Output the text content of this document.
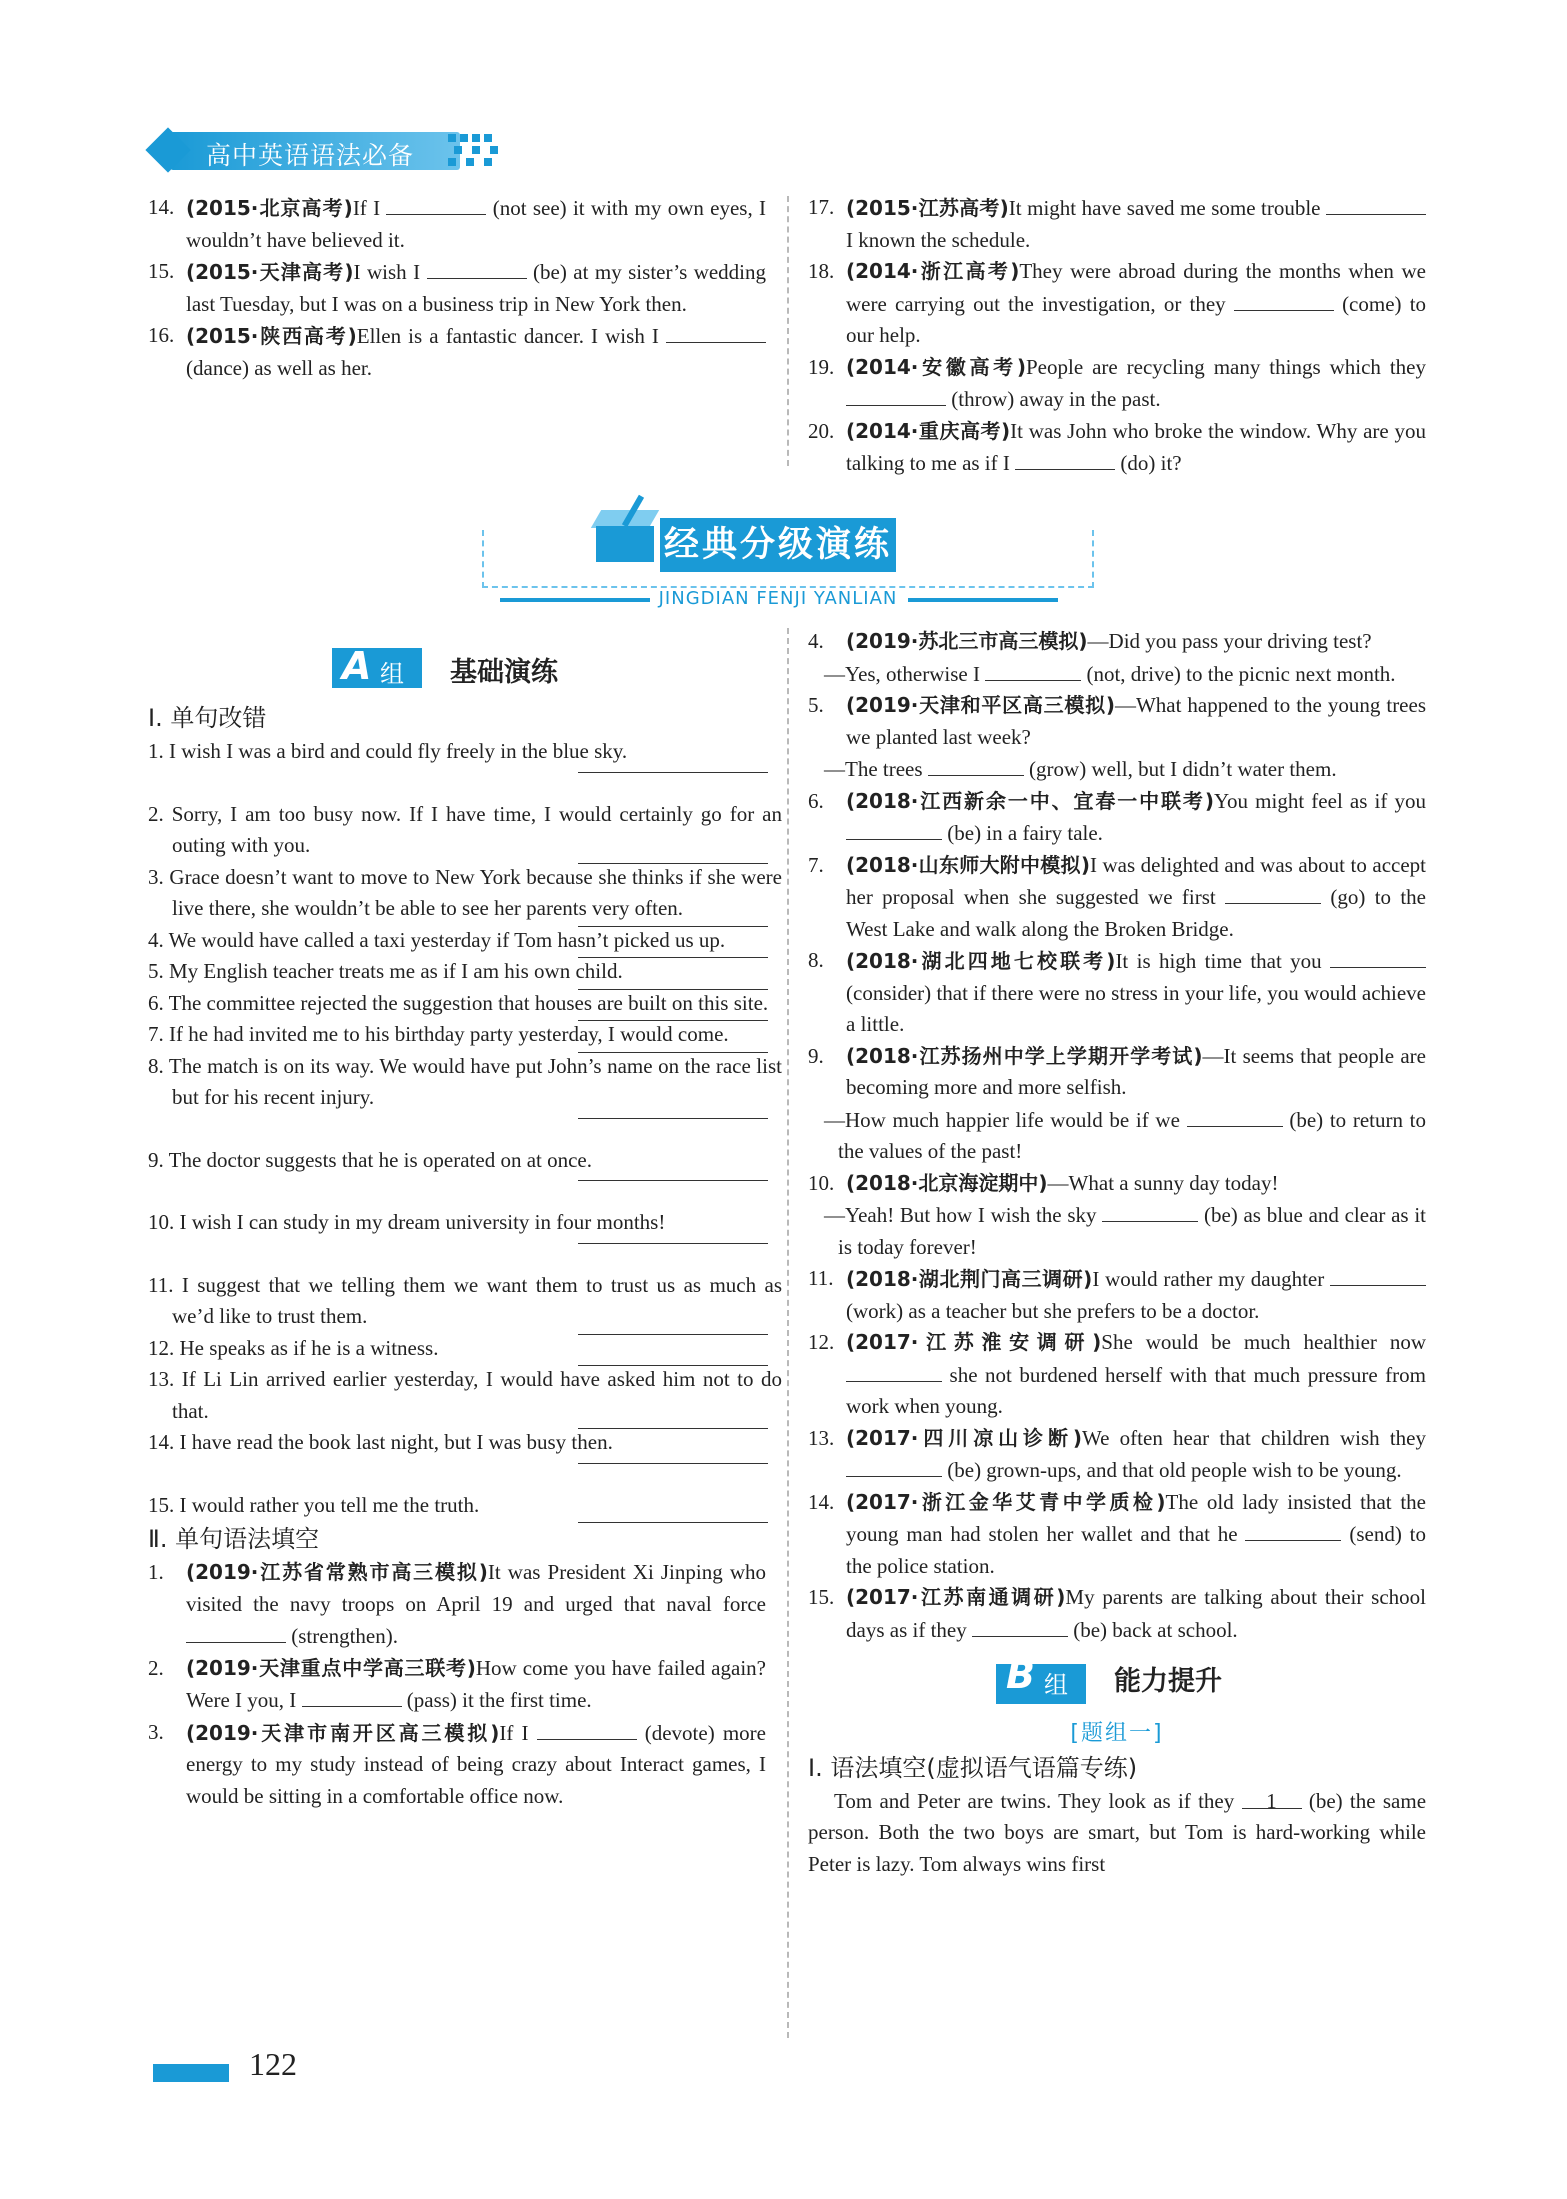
高中英语语法必备
14. (2015·北京高考)If I	(not see) it with my own eyes, I wouldn’t have believed it.
15. (2015·天津高考)I wish I	(be) at my sister’s wedding last Tuesday, but I was on a business trip in New York then.
16. (2015·陕西高考)Ellen is a fantastic dancer. I wish I  (dance) as well as her.
17. (2015·江苏高考)It might have saved me some trouble  I known the schedule.
18. (2014·浙江高考)They were abroad during the months when we were carrying out the investigation, or they	(come) to our help.
19. (2014·安徽高考)People are recycling many things which they  (throw) away in the past.
20. (2014·重庆高考)It was John who broke the window. Why are you talking to me as if I	(do) it?
经典分级演练
JINGDIAN FENJI YANLIAN
A 组 基础演练
Ⅰ. 单句改错
1. I wish I was a bird and could fly freely in the blue sky.
2. Sorry, I am too busy now. If I have time, I would certainly go for an outing with you.
3. Grace doesn’t want to move to New York because she thinks if she were live there, she wouldn’t be able to see her parents very often.
4. We would have called a taxi yesterday if Tom hasn’t picked us up.
5. My English teacher treats me as if I am his own child.
6. The committee rejected the suggestion that houses are built on this site.
7. If he had invited me to his birthday party yesterday, I would come.
8. The match is on its way. We would have put John’s name on the race list but for his recent injury.
9. The doctor suggests that he is operated on at once.
10. I wish I can study in my dream university in four months!
11. I suggest that we telling them we want them to trust us as much as we’d like to trust them.
12. He speaks as if he is a witness.
13. If Li Lin arrived earlier yesterday, I would have asked him not to do that.
14. I have read the book last night, but I was busy then.
15. I would rather you tell me the truth.
Ⅱ. 单句语法填空
1. (2019·江苏省常熟市高三模拟)It was President Xi Jinping who visited the navy troops on April 19 and urged that naval force  (strengthen).
2. (2019·天津重点中学高三联考)How come you have failed again? Were I you, I	(pass) it the first time.
3. (2019·天津市南开区高三模拟)If I	(devote) more energy to my study instead of being crazy about Interact games, I would be sitting in a comfortable office now.
4. (2019·苏北三市高三模拟)—Did you pass your driving test?
—Yes, otherwise I	(not, drive) to the picnic next month.
5. (2019·天津和平区高三模拟)—What happened to the young trees we planted last week?
—The trees	(grow) well, but I didn’t water them.
6. (2018·江西新余一中、宜春一中联考)You might feel as if you  (be) in a fairy tale.
7. (2018·山东师大附中模拟)I was delighted and was about to accept her proposal when she suggested we first	(go) to the West Lake and walk along the Broken Bridge.
8. (2018·湖北四地七校联考)It is high time that you  (consider) that if there were no stress in your life, you would achieve a little.
9. (2018·江苏扬州中学上学期开学考试)—It seems that people are becoming more and more selfish.
—How much happier life would be if we	(be) to return to the values of the past!
10. (2018·北京海淀期中)—What a sunny day today!
—Yeah! But how I wish the sky	(be) as blue and clear as it is today forever!
11. (2018·湖北荆门高三调研)I would rather my daughter  (work) as a teacher but she prefers to be a doctor.
12. (2017·江苏淮安调研)She would be much healthier now  she not burdened herself with that much pressure from work when young.
13. (2017·四川凉山诊断)We often hear that children wish they  (be) grown-ups, and that old people wish to be young.
14. (2017·浙江金华艾青中学质检)The old lady insisted that the young man had stolen her wallet and that he	(send) to the police station.
15. (2017·江苏南通调研)My parents are talking about their school days as if they	(be) back at school.
B 组 能力提升
[题组一]
Ⅰ. 语法填空(虚拟语气语篇专练)
Tom and Peter are twins. They look as if they 1 (be) the same person. Both the two boys are smart, but Tom is hard-working while Peter is lazy. Tom always wins first
122
